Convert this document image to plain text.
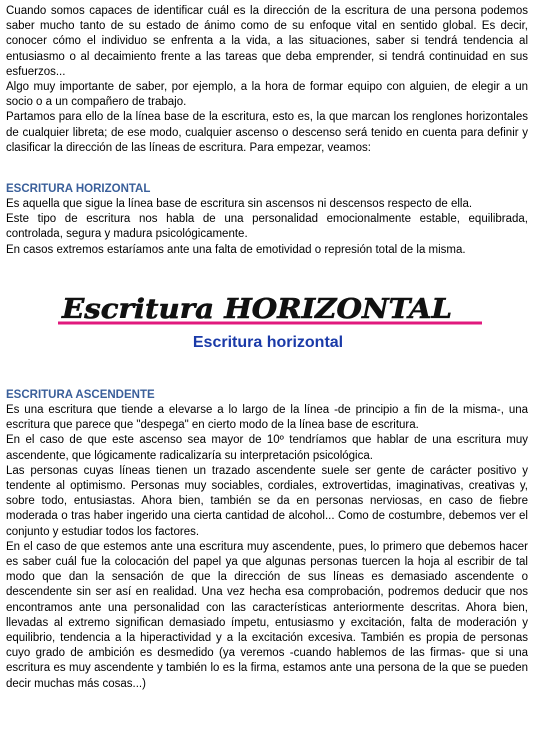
Cuando somos capaces de identificar cuál es la dirección de la escritura de una persona podemos saber mucho tanto de su estado de ánimo como de su enfoque vital en sentido global. Es decir, conocer cómo el individuo se enfrenta a la vida, a las situaciones, saber si tendrá tendencia al entusiasmo o al decaimiento frente a las tareas que deba emprender, si tendrá continuidad en sus esfuerzos...

Algo muy importante de saber, por ejemplo, a la hora de formar equipo con alguien, de elegir a un socio o a un compañero de trabajo.

Partamos para ello de la línea base de la escritura, esto es, la que marcan los renglones horizontales de cualquier libreta; de ese modo, cualquier ascenso o descenso será tenido en cuenta para definir y clasificar la dirección de las líneas de escritura. Para empezar, veamos:

ESCRITURA HORIZONTAL

Es aquella que sigue la línea base de escritura sin ascensos ni descensos respecto de ella.

Este tipo de escritura nos habla de una personalidad emocionalmente estable, equilibrada, controlada, segura y madura psicológicamente.

En casos extremos estaríamos ante una falta de emotividad o represión total de la misma.

Escritura HORIZONTAL
Escritura horizontal
ESCRITURA ASCENDENTE

Es una escritura que tiende a elevarse a lo largo de la línea -de principio a fin de la misma-, una escritura que parece que "despega" en cierto modo de la línea base de escritura.

En el caso de que este ascenso sea mayor de 10º tendríamos que hablar de una escritura muy ascendente, que lógicamente radicalizaría su interpretación psicológica.

Las personas cuyas líneas tienen un trazado ascendente suele ser gente de carácter positivo y tendente al optimismo. Personas muy sociables, cordiales, extrovertidas, imaginativas, creativas y, sobre todo, entusiastas. Ahora bien, también se da en personas nerviosas, en caso de fiebre moderada o tras haber ingerido una cierta cantidad de alcohol... Como de costumbre, debemos ver el conjunto y estudiar todos los factores.

En el caso de que estemos ante una escritura muy ascendente, pues, lo primero que debemos hacer es saber cuál fue la colocación del papel ya que algunas personas tuercen la hoja al escribir de tal modo que dan la sensación de que la dirección de sus líneas es demasiado ascendente o descendente sin ser así en realidad. Una vez hecha esa comprobación, podremos deducir que nos encontramos ante una personalidad con las características anteriormente descritas. Ahora bien, llevadas al extremo significan demasiado ímpetu, entusiasmo y excitación, falta de moderación y equilibrio, tendencia a la hiperactividad y a la excitación excesiva. También es propia de personas cuyo grado de ambición es desmedido (ya veremos -cuando hablemos de las firmas- que si una escritura es muy ascendente y también lo es la firma, estamos ante una persona de la que se pueden decir muchas más cosas...)
